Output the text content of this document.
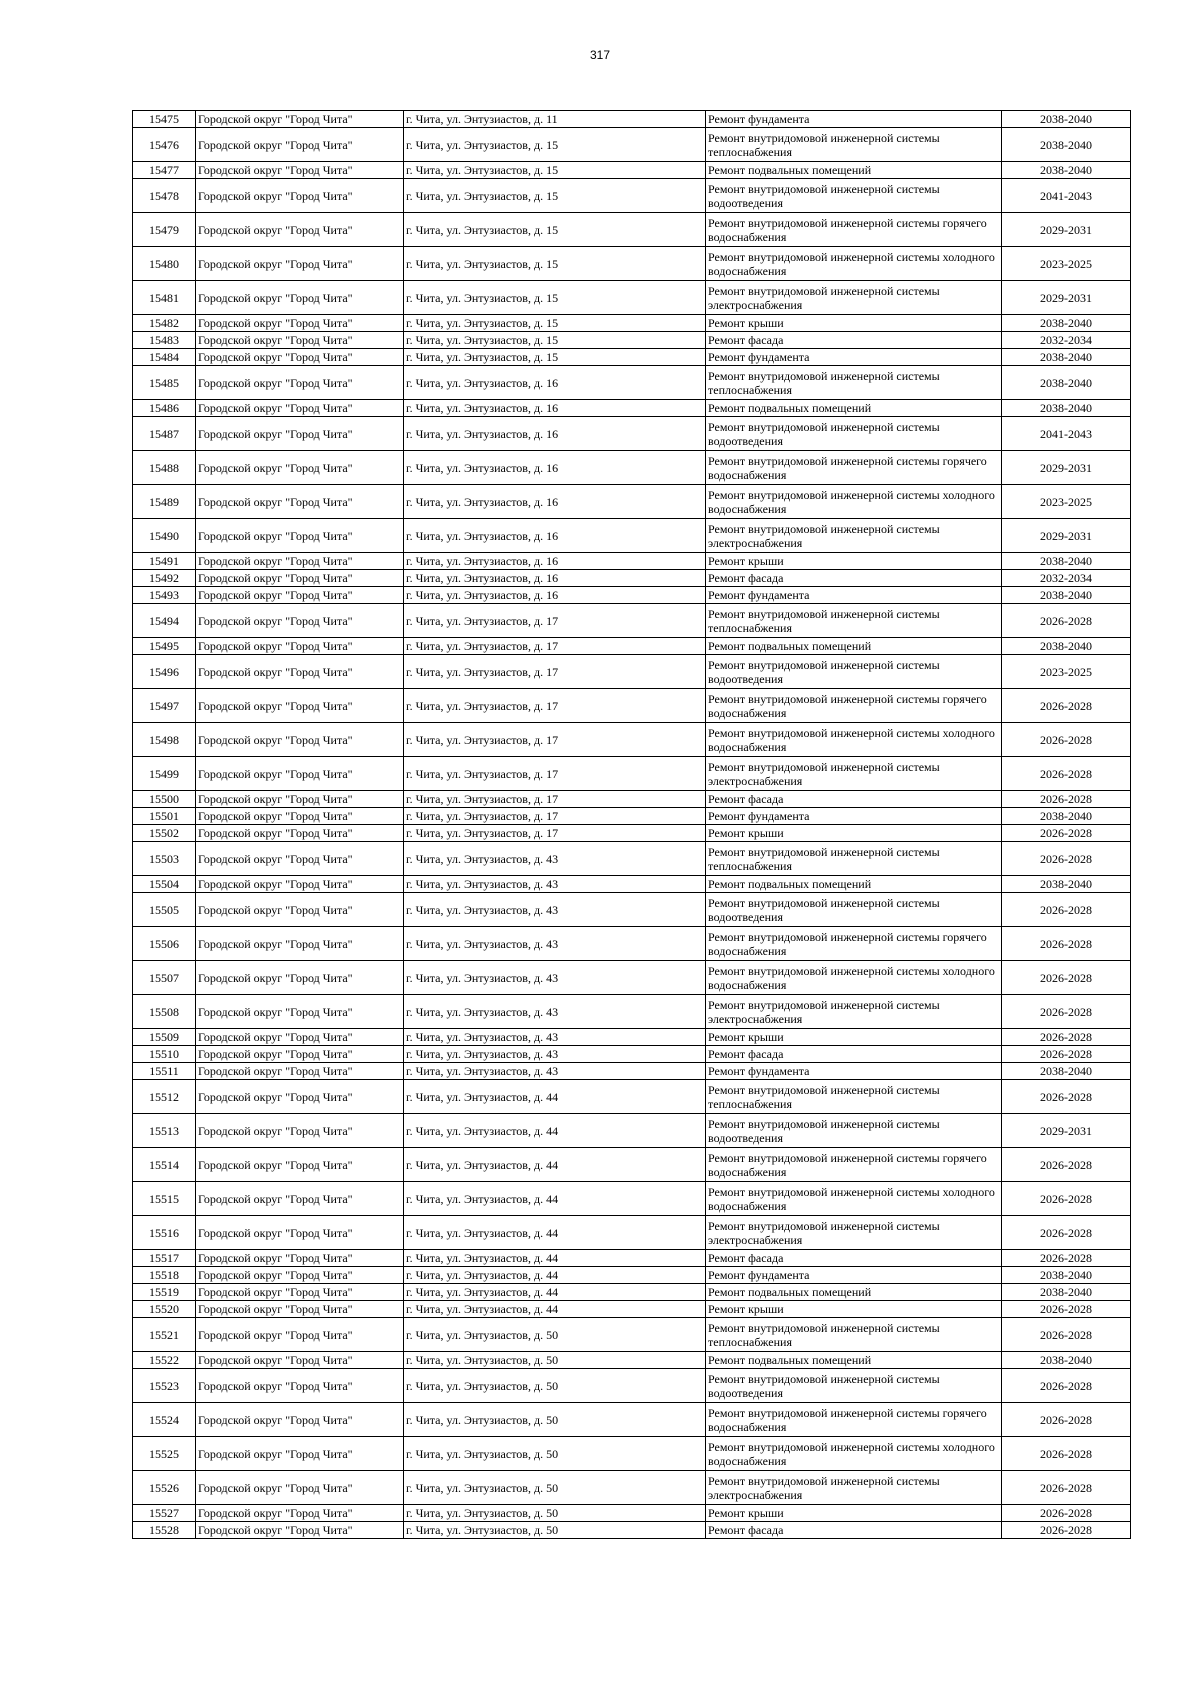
317
15475	Городской округ "Город Чита"	г. Чита, ул. Энтузиастов, д. 11	Ремонт фундамента	2038-2040
15476	Городской округ "Город Чита"	г. Чита, ул. Энтузиастов, д. 15	Ремонт внутридомовой инженерной системы теплоснабжения	2038-2040
15477	Городской округ "Город Чита"	г. Чита, ул. Энтузиастов, д. 15	Ремонт подвальных помещений	2038-2040
15478	Городской округ "Город Чита"	г. Чита, ул. Энтузиастов, д. 15	Ремонт внутридомовой инженерной системы водоотведения	2041-2043
15479	Городской округ "Город Чита"	г. Чита, ул. Энтузиастов, д. 15	Ремонт внутридомовой инженерной системы горячего водоснабжения	2029-2031
15480	Городской округ "Город Чита"	г. Чита, ул. Энтузиастов, д. 15	Ремонт внутридомовой инженерной системы холодного водоснабжения	2023-2025
15481	Городской округ "Город Чита"	г. Чита, ул. Энтузиастов, д. 15	Ремонт внутридомовой инженерной системы электроснабжения	2029-2031
15482	Городской округ "Город Чита"	г. Чита, ул. Энтузиастов, д. 15	Ремонт крыши	2038-2040
15483	Городской округ "Город Чита"	г. Чита, ул. Энтузиастов, д. 15	Ремонт фасада	2032-2034
15484	Городской округ "Город Чита"	г. Чита, ул. Энтузиастов, д. 15	Ремонт фундамента	2038-2040
15485	Городской округ "Город Чита"	г. Чита, ул. Энтузиастов, д. 16	Ремонт внутридомовой инженерной системы теплоснабжения	2038-2040
15486	Городской округ "Город Чита"	г. Чита, ул. Энтузиастов, д. 16	Ремонт подвальных помещений	2038-2040
15487	Городской округ "Город Чита"	г. Чита, ул. Энтузиастов, д. 16	Ремонт внутридомовой инженерной системы водоотведения	2041-2043
15488	Городской округ "Город Чита"	г. Чита, ул. Энтузиастов, д. 16	Ремонт внутридомовой инженерной системы горячего водоснабжения	2029-2031
15489	Городской округ "Город Чита"	г. Чита, ул. Энтузиастов, д. 16	Ремонт внутридомовой инженерной системы холодного водоснабжения	2023-2025
15490	Городской округ "Город Чита"	г. Чита, ул. Энтузиастов, д. 16	Ремонт внутридомовой инженерной системы электроснабжения	2029-2031
15491	Городской округ "Город Чита"	г. Чита, ул. Энтузиастов, д. 16	Ремонт крыши	2038-2040
15492	Городской округ "Город Чита"	г. Чита, ул. Энтузиастов, д. 16	Ремонт фасада	2032-2034
15493	Городской округ "Город Чита"	г. Чита, ул. Энтузиастов, д. 16	Ремонт фундамента	2038-2040
15494	Городской округ "Город Чита"	г. Чита, ул. Энтузиастов, д. 17	Ремонт внутридомовой инженерной системы теплоснабжения	2026-2028
15495	Городской округ "Город Чита"	г. Чита, ул. Энтузиастов, д. 17	Ремонт подвальных помещений	2038-2040
15496	Городской округ "Город Чита"	г. Чита, ул. Энтузиастов, д. 17	Ремонт внутридомовой инженерной системы водоотведения	2023-2025
15497	Городской округ "Город Чита"	г. Чита, ул. Энтузиастов, д. 17	Ремонт внутридомовой инженерной системы горячего водоснабжения	2026-2028
15498	Городской округ "Город Чита"	г. Чита, ул. Энтузиастов, д. 17	Ремонт внутридомовой инженерной системы холодного водоснабжения	2026-2028
15499	Городской округ "Город Чита"	г. Чита, ул. Энтузиастов, д. 17	Ремонт внутридомовой инженерной системы электроснабжения	2026-2028
15500	Городской округ "Город Чита"	г. Чита, ул. Энтузиастов, д. 17	Ремонт фасада	2026-2028
15501	Городской округ "Город Чита"	г. Чита, ул. Энтузиастов, д. 17	Ремонт фундамента	2038-2040
15502	Городской округ "Город Чита"	г. Чита, ул. Энтузиастов, д. 17	Ремонт крыши	2026-2028
15503	Городской округ "Город Чита"	г. Чита, ул. Энтузиастов, д. 43	Ремонт внутридомовой инженерной системы теплоснабжения	2026-2028
15504	Городской округ "Город Чита"	г. Чита, ул. Энтузиастов, д. 43	Ремонт подвальных помещений	2038-2040
15505	Городской округ "Город Чита"	г. Чита, ул. Энтузиастов, д. 43	Ремонт внутридомовой инженерной системы водоотведения	2026-2028
15506	Городской округ "Город Чита"	г. Чита, ул. Энтузиастов, д. 43	Ремонт внутридомовой инженерной системы горячего водоснабжения	2026-2028
15507	Городской округ "Город Чита"	г. Чита, ул. Энтузиастов, д. 43	Ремонт внутридомовой инженерной системы холодного водоснабжения	2026-2028
15508	Городской округ "Город Чита"	г. Чита, ул. Энтузиастов, д. 43	Ремонт внутридомовой инженерной системы электроснабжения	2026-2028
15509	Городской округ "Город Чита"	г. Чита, ул. Энтузиастов, д. 43	Ремонт крыши	2026-2028
15510	Городской округ "Город Чита"	г. Чита, ул. Энтузиастов, д. 43	Ремонт фасада	2026-2028
15511	Городской округ "Город Чита"	г. Чита, ул. Энтузиастов, д. 43	Ремонт фундамента	2038-2040
15512	Городской округ "Город Чита"	г. Чита, ул. Энтузиастов, д. 44	Ремонт внутридомовой инженерной системы теплоснабжения	2026-2028
15513	Городской округ "Город Чита"	г. Чита, ул. Энтузиастов, д. 44	Ремонт внутридомовой инженерной системы водоотведения	2029-2031
15514	Городской округ "Город Чита"	г. Чита, ул. Энтузиастов, д. 44	Ремонт внутридомовой инженерной системы горячего водоснабжения	2026-2028
15515	Городской округ "Город Чита"	г. Чита, ул. Энтузиастов, д. 44	Ремонт внутридомовой инженерной системы холодного водоснабжения	2026-2028
15516	Городской округ "Город Чита"	г. Чита, ул. Энтузиастов, д. 44	Ремонт внутридомовой инженерной системы электроснабжения	2026-2028
15517	Городской округ "Город Чита"	г. Чита, ул. Энтузиастов, д. 44	Ремонт фасада	2026-2028
15518	Городской округ "Город Чита"	г. Чита, ул. Энтузиастов, д. 44	Ремонт фундамента	2038-2040
15519	Городской округ "Город Чита"	г. Чита, ул. Энтузиастов, д. 44	Ремонт подвальных помещений	2038-2040
15520	Городской округ "Город Чита"	г. Чита, ул. Энтузиастов, д. 44	Ремонт крыши	2026-2028
15521	Городской округ "Город Чита"	г. Чита, ул. Энтузиастов, д. 50	Ремонт внутридомовой инженерной системы теплоснабжения	2026-2028
15522	Городской округ "Город Чита"	г. Чита, ул. Энтузиастов, д. 50	Ремонт подвальных помещений	2038-2040
15523	Городской округ "Город Чита"	г. Чита, ул. Энтузиастов, д. 50	Ремонт внутридомовой инженерной системы водоотведения	2026-2028
15524	Городской округ "Город Чита"	г. Чита, ул. Энтузиастов, д. 50	Ремонт внутридомовой инженерной системы горячего водоснабжения	2026-2028
15525	Городской округ "Город Чита"	г. Чита, ул. Энтузиастов, д. 50	Ремонт внутридомовой инженерной системы холодного водоснабжения	2026-2028
15526	Городской округ "Город Чита"	г. Чита, ул. Энтузиастов, д. 50	Ремонт внутридомовой инженерной системы электроснабжения	2026-2028
15527	Городской округ "Город Чита"	г. Чита, ул. Энтузиастов, д. 50	Ремонт крыши	2026-2028
15528	Городской округ "Город Чита"	г. Чита, ул. Энтузиастов, д. 50	Ремонт фасада	2026-2028
